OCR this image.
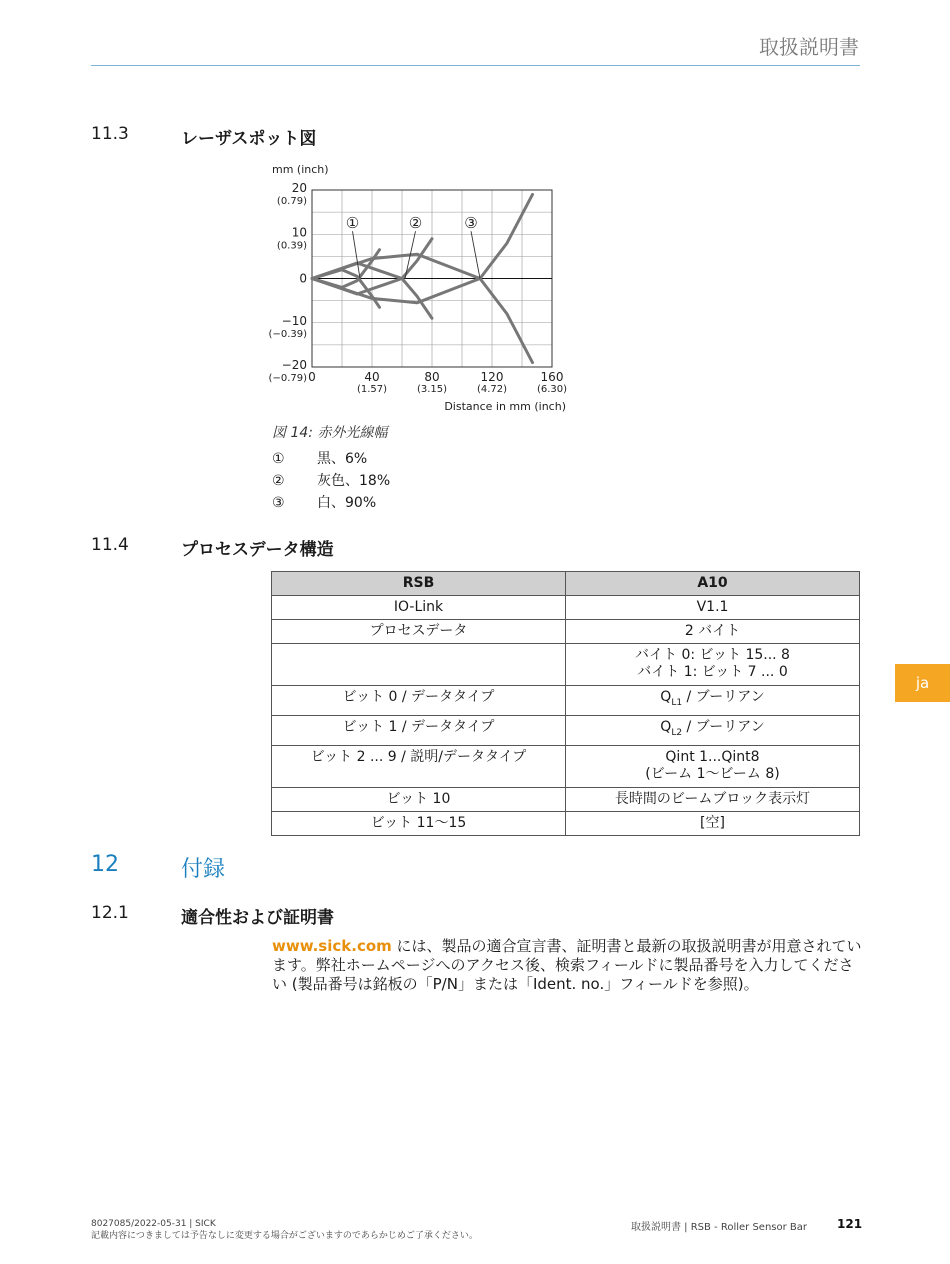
取扱説明書
11.3	レーザスポット図
mm (inch)
20
(0.79)
10
(0.39)
0
−10
(−0.39)
−20
(−0.79) 0	40
(1.57)
80
(3.15)
120
(4.72)
160
(6.30)
Distance in mm (inch)
①	②	③
図 14: 赤外光線幅
① 黒、6%
② 灰色、18%
③ 白、90%
11.4	プロセスデータ構造
RSB	A10
IO-Link	V1.1
プロセスデータ	2 バイト

	バイト 0: ビット 15... 8
バイト 1: ビット 7 ... 0

ビット 0 / データタイプ	$Q_{L1}$ / ブーリアン
ビット 1 / データタイプ	$Q_{L2}$ / ブーリアン
ビット 2 ... 9 / 説明/データタイプ	Qint 1...Qint8
(ビーム 1〜ビーム 8)

ビット 10	長時間のビームブロック表示灯
ビット 11〜15	[空]
12	付録
12.1	適合性および証明書
www.sick.com には、製品の適合宣言書、証明書と最新の取扱説明書が用意されています。弊社ホームページへのアクセス後、検索フィールドに製品番号を入力してください (製品番号は銘板の「P/N」または「Ident. no.」フィールドを参照)。
ja
8027085/2022-05-31 | SICK
記載内容につきましては予告なしに変更する場合がございますのであらかじめご了承ください。
取扱説明書 | RSB - Roller Sensor Bar 121
